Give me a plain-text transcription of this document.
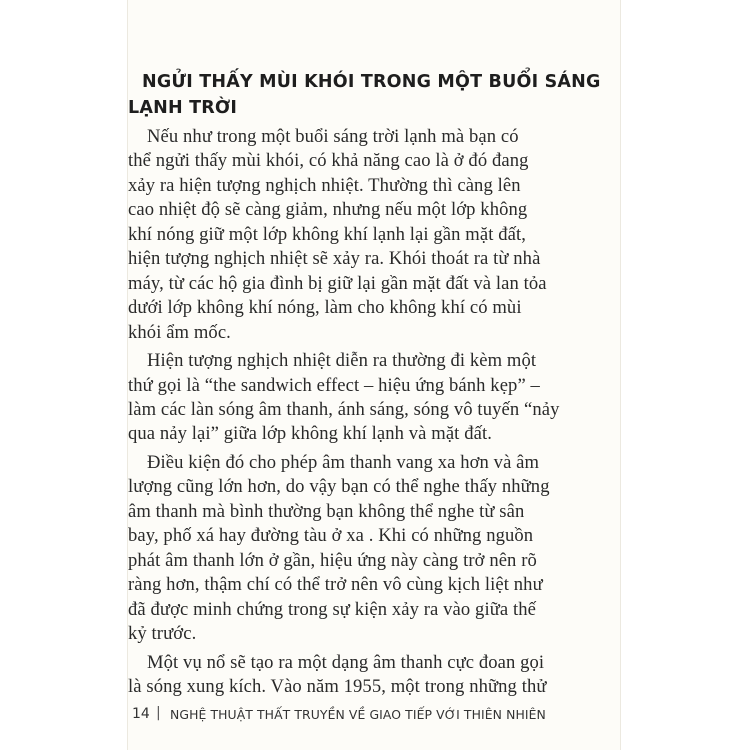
NGỬI THẤY MÙI KHÓI TRONG MỘT BUỔI SÁNG
LẠNH TRỜI
Nếu như trong một buổi sáng trời lạnh mà bạn có
thể ngửi thấy mùi khói, có khả năng cao là ở đó đang
xảy ra hiện tượng nghịch nhiệt. Thường thì càng lên
cao nhiệt độ sẽ càng giảm, nhưng nếu một lớp không
khí nóng giữ một lớp không khí lạnh lại gần mặt đất,
hiện tượng nghịch nhiệt sẽ xảy ra. Khói thoát ra từ nhà
máy, từ các hộ gia đình bị giữ lại gần mặt đất và lan tỏa
dưới lớp không khí nóng, làm cho không khí có mùi
khói ẩm mốc.
Hiện tượng nghịch nhiệt diễn ra thường đi kèm một
thứ gọi là “the sandwich effect – hiệu ứng bánh kẹp” –
làm các làn sóng âm thanh, ánh sáng, sóng vô tuyến “nảy
qua nảy lại” giữa lớp không khí lạnh và mặt đất.
Điều kiện đó cho phép âm thanh vang xa hơn và âm
lượng cũng lớn hơn, do vậy bạn có thể nghe thấy những
âm thanh mà bình thường bạn không thể nghe từ sân
bay, phố xá hay đường tàu ở xa . Khi có những nguồn
phát âm thanh lớn ở gần, hiệu ứng này càng trở nên rõ
ràng hơn, thậm chí có thể trở nên vô cùng kịch liệt như
đã được minh chứng trong sự kiện xảy ra vào giữa thế
kỷ trước.
Một vụ nổ sẽ tạo ra một dạng âm thanh cực đoan gọi
là sóng xung kích. Vào năm 1955, một trong những thử
14 | NGHỆ THUẬT THẤT TRUYỀN VỀ GIAO TIẾP VỚI THIÊN NHIÊN
